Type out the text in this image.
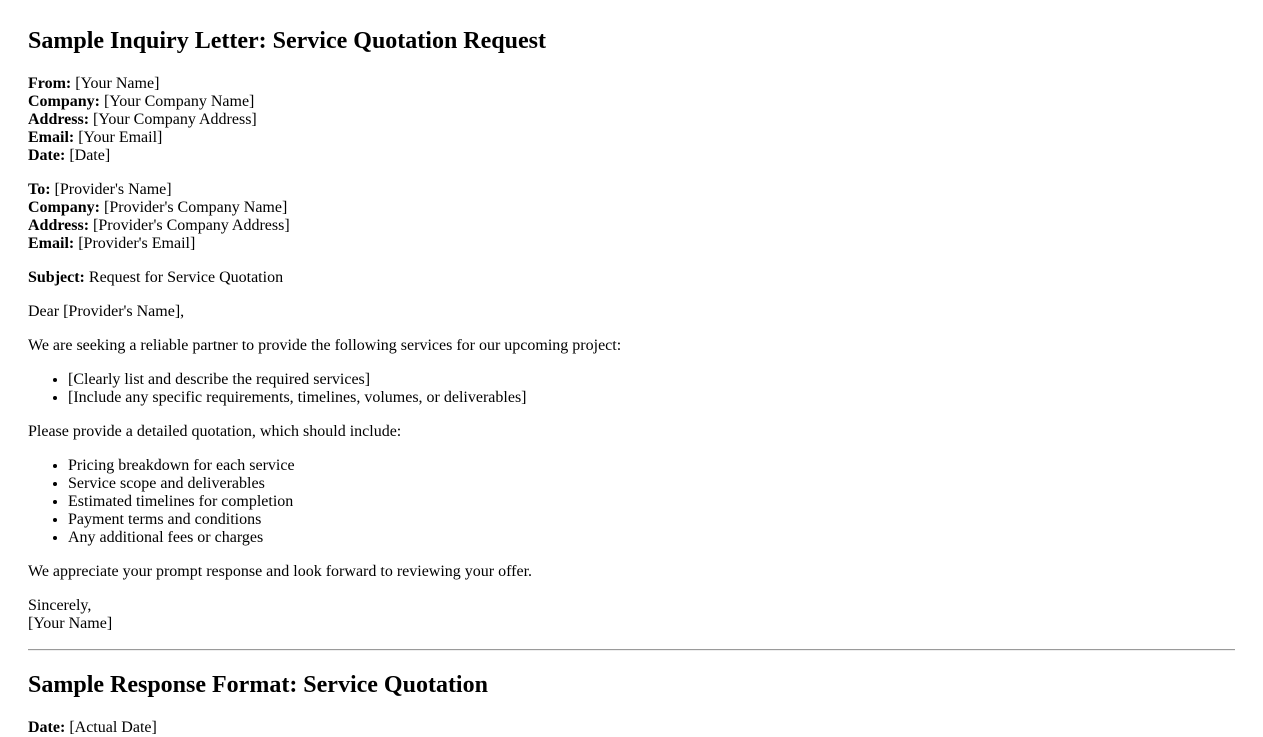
Sample Inquiry Letter: Service Quotation Request
From: [Your Name]
Company: [Your Company Name]
Address: [Your Company Address]
Email: [Your Email]
Date: [Date]
To: [Provider's Name]
Company: [Provider's Company Name]
Address: [Provider's Company Address]
Email: [Provider's Email]

Subject: Request for Service Quotation

Dear [Provider's Name],

We are seeking a reliable partner to provide the following services for our upcoming project:

• [Clearly list and describe the required services]
• [Include any specific requirements, timelines, volumes, or deliverables]

Please provide a detailed quotation, which should include:

• Pricing breakdown for each service
• Service scope and deliverables
• Estimated timelines for completion
• Payment terms and conditions
• Any additional fees or charges

We appreciate your prompt response and look forward to reviewing your offer.

Sincerely,
[Your Name]
Sample Response Format: Service Quotation
Date: [Actual Date]
